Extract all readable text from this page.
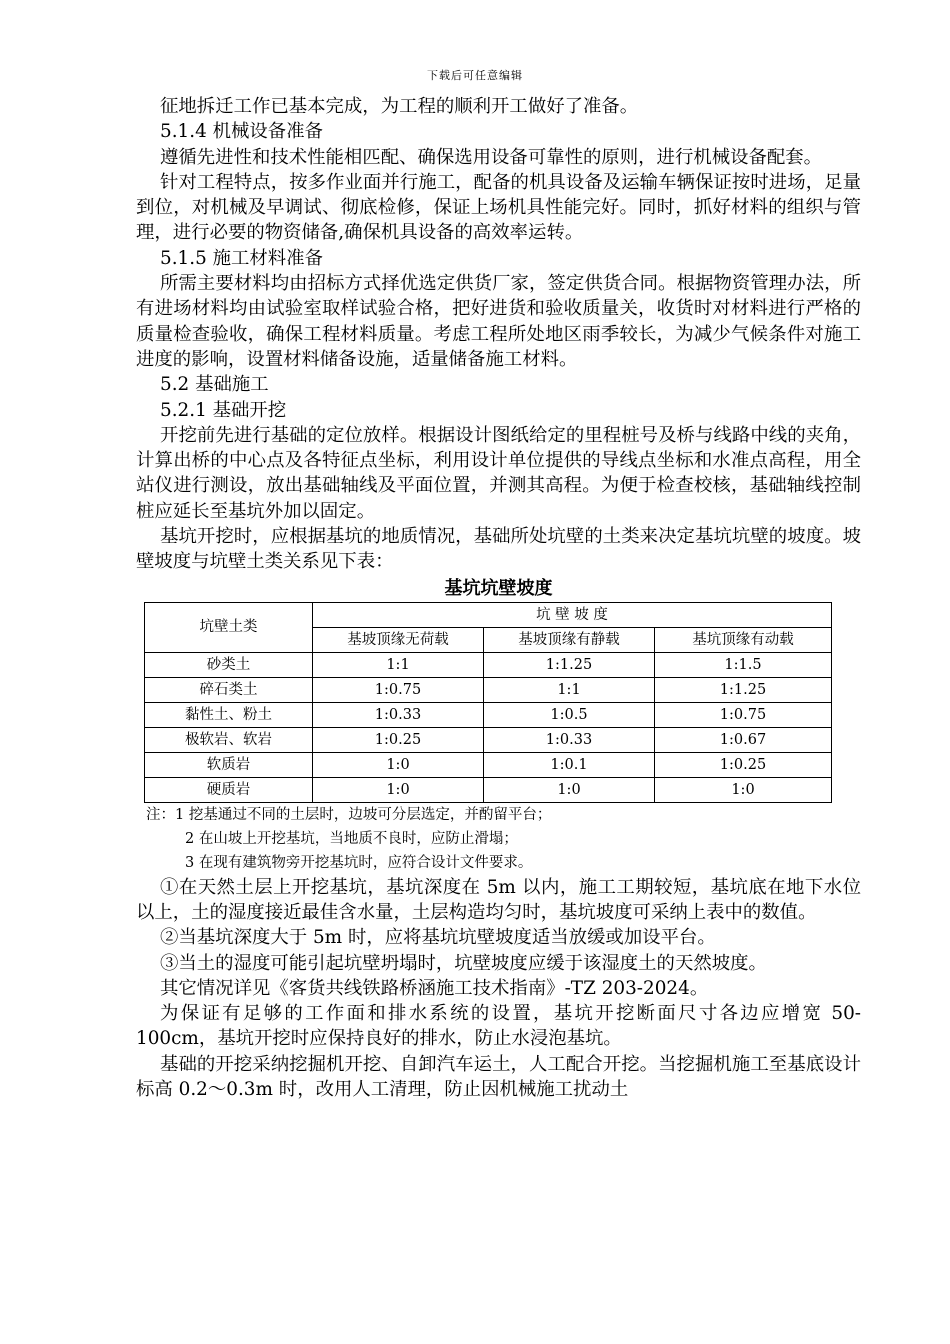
下载后可任意编辑

征地拆迁工作已基本完成，为工程的顺利开工做好了准备。

5.1.4 机械设备准备

遵循先进性和技术性能相匹配、确保选用设备可靠性的原则，进行机械设备配套。

针对工程特点，按多作业面并行施工，配备的机具设备及运输车辆保证按时进场，足量到位，对机械及早调试、彻底检修，保证上场机具性能完好。同时，抓好材料的组织与管理，进行必要的物资储备,确保机具设备的高效率运转。

5.1.5 施工材料准备

所需主要材料均由招标方式择优选定供货厂家，签定供货合同。根据物资管理办法，所有进场材料均由试验室取样试验合格，把好进货和验收质量关，收货时对材料进行严格的质量检查验收，确保工程材料质量。考虑工程所处地区雨季较长，为减少气候条件对施工进度的影响，设置材料储备设施，适量储备施工材料。

5.2 基础施工

5.2.1 基础开挖

开挖前先进行基础的定位放样。根据设计图纸给定的里程桩号及桥与线路中线的夹角，计算出桥的中心点及各特征点坐标，利用设计单位提供的导线点坐标和水准点高程，用全站仪进行测设，放出基础轴线及平面位置，并测其高程。为便于检查校核，基础轴线控制桩应延长至基坑外加以固定。

基坑开挖时，应根据基坑的地质情况，基础所处坑壁的土类来决定基坑坑壁的坡度。坡壁坡度与坑壁土类关系见下表：

基坑坑壁坡度
坑壁土类	坑 壁 坡 度		
	基坡顶缘无荷载	基坡顶缘有静载	基坑顶缘有动载
砂类土	1:1	1:1.25	1:1.5
碎石类土	1:0.75	1:1	1:1.25
黏性土、粉土	1:0.33	1:0.5	1:0.75
极软岩、软岩	1:0.25	1:0.33	1:0.67
软质岩	1:0	1:0.1	1:0.25
硬质岩	1:0	1:0	1:0
注：1 挖基通过不同的土层时，边坡可分层选定，并酌留平台；
2 在山坡上开挖基坑，当地质不良时，应防止滑塌；
3 在现有建筑物旁开挖基坑时，应符合设计文件要求。

①在天然土层上开挖基坑，基坑深度在 5m 以内，施工工期较短，基坑底在地下水位以上，土的湿度接近最佳含水量，土层构造均匀时，基坑坡度可采纳上表中的数值。

②当基坑深度大于 5m 时，应将基坑坑壁坡度适当放缓或加设平台。

③当土的湿度可能引起坑壁坍塌时，坑壁坡度应缓于该湿度土的天然坡度。

其它情况详见《客货共线铁路桥涵施工技术指南》-TZ 203-2024。

为保证有足够的工作面和排水系统的设置，基坑开挖断面尺寸各边应增宽 50-100cm，基坑开挖时应保持良好的排水，防止水浸泡基坑。

基础的开挖采纳挖掘机开挖、自卸汽车运土，人工配合开挖。当挖掘机施工至基底设计标高 0.2～0.3m 时，改用人工清理，防止因机械施工扰动土
